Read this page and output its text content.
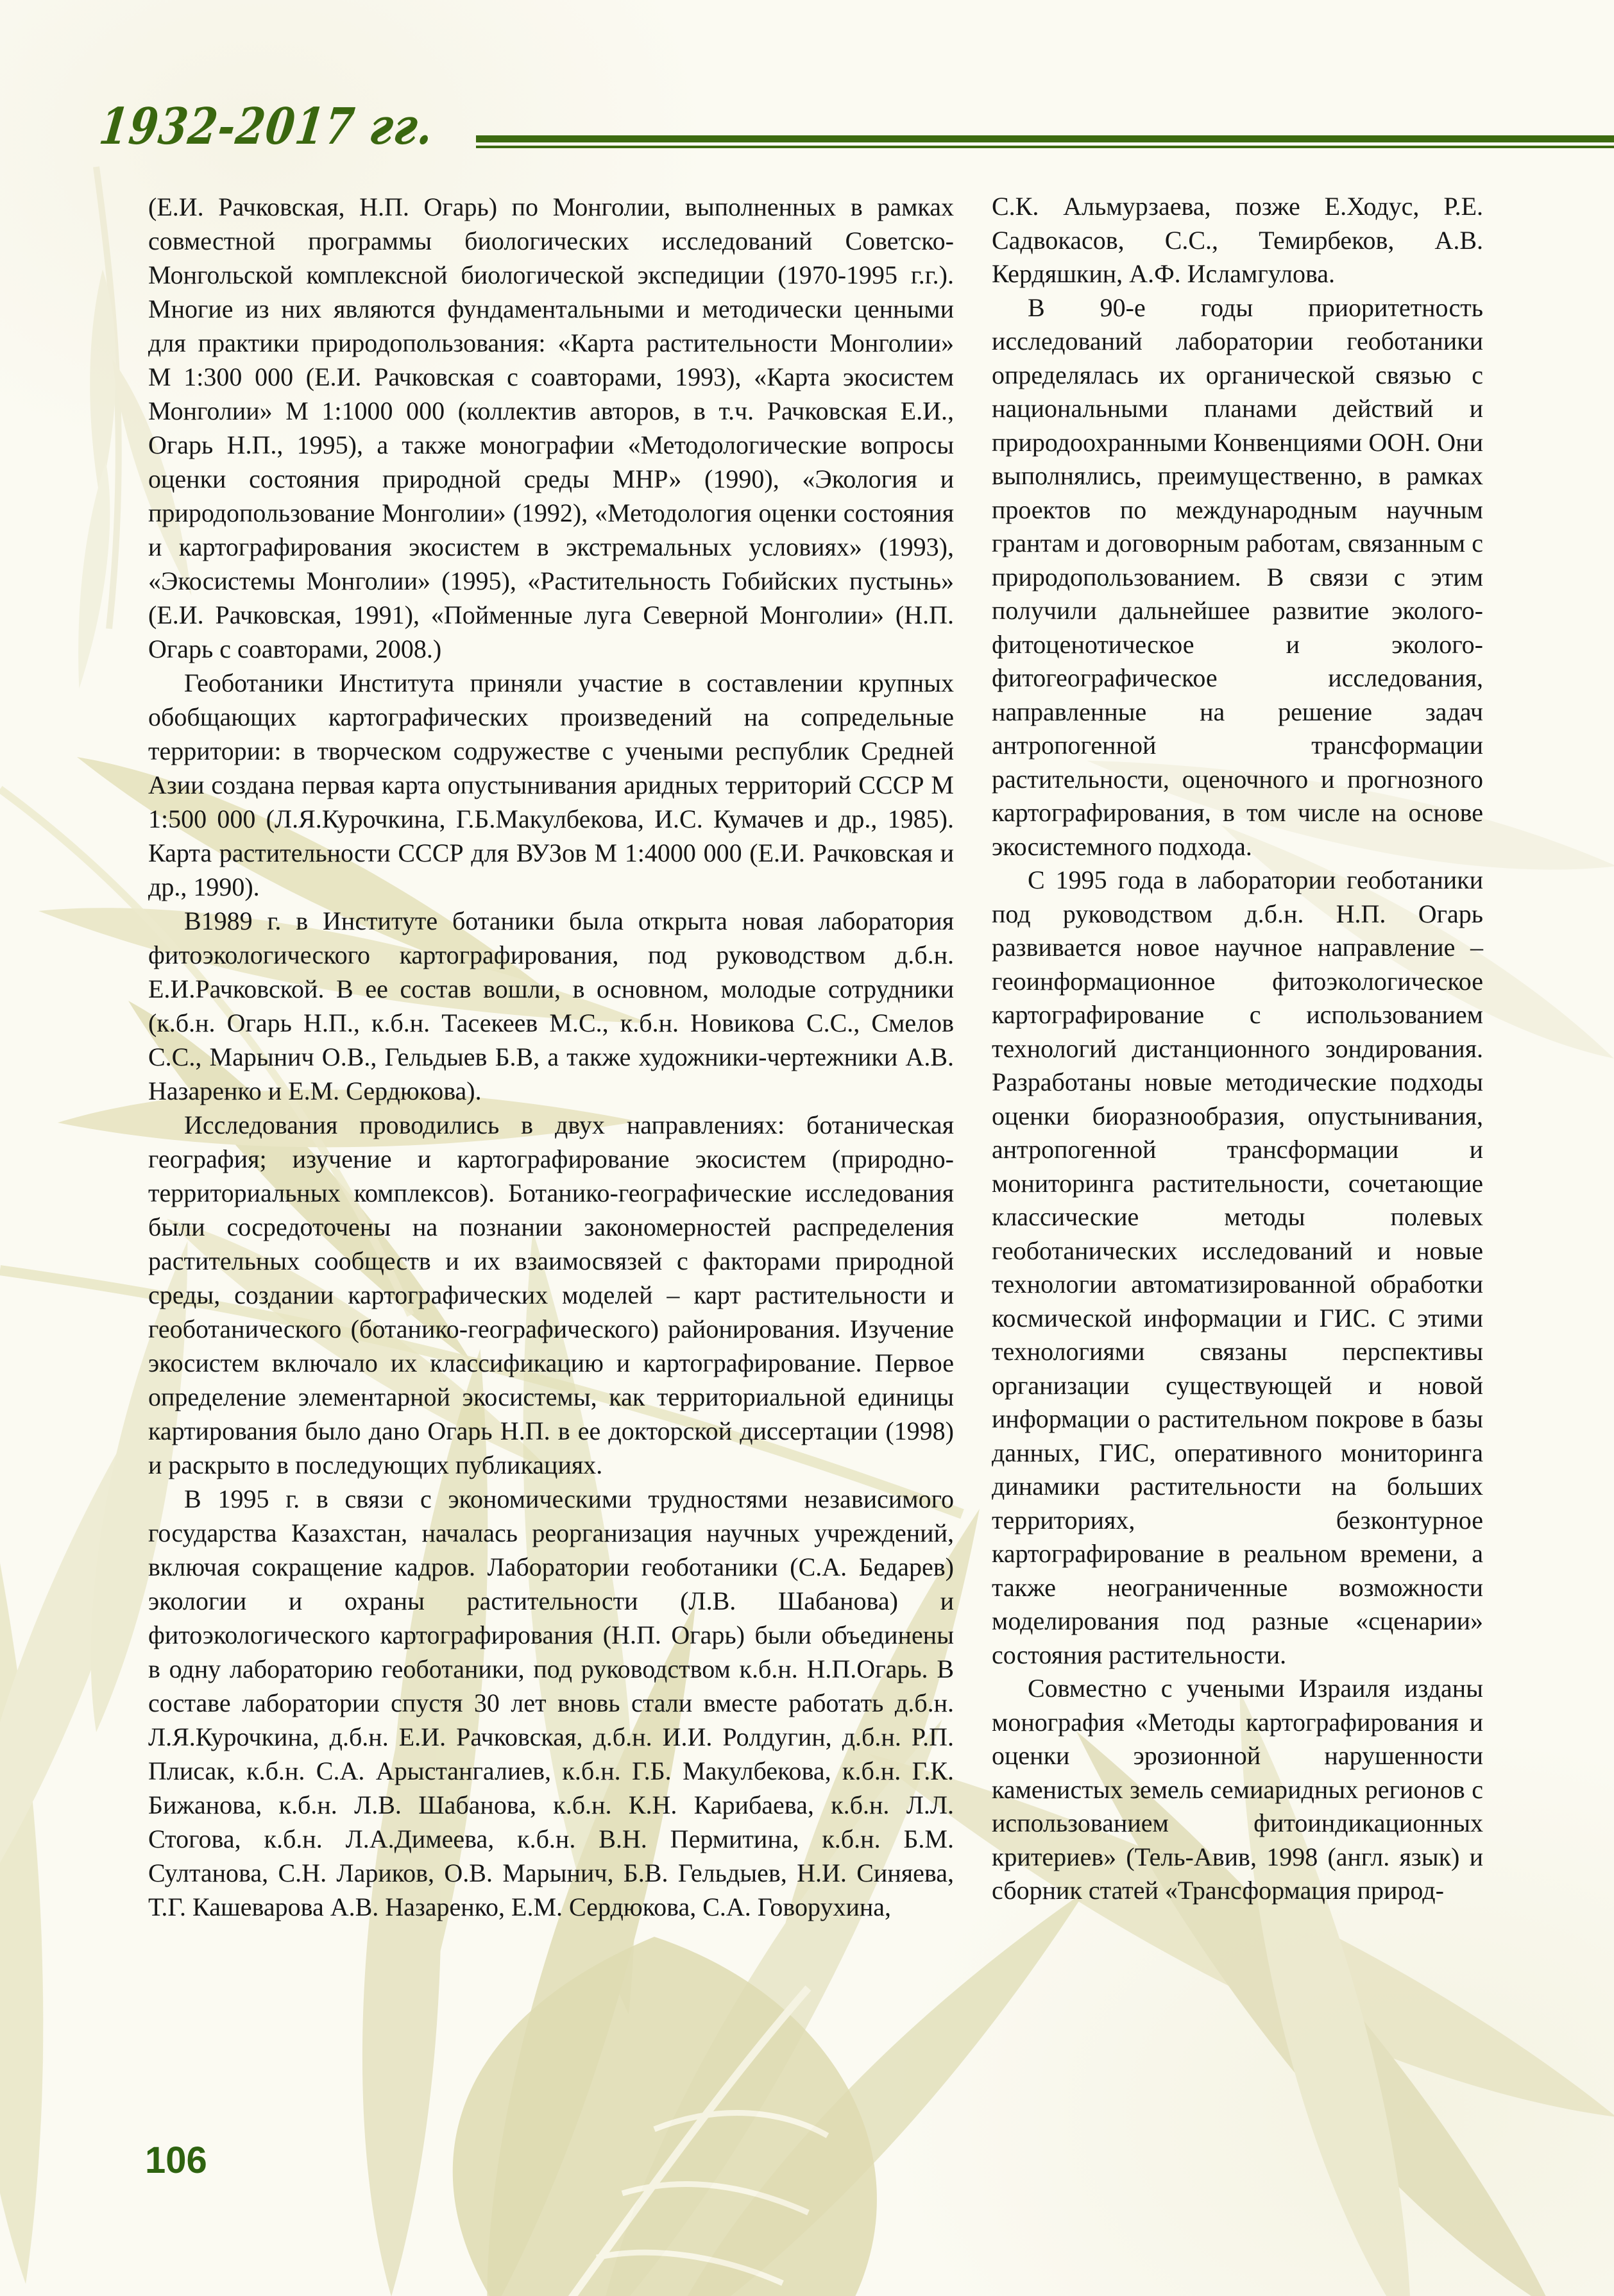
1932-2017 гг.

(Е.И. Рачковская, Н.П. Огарь) по Монголии, выполненных в рамках совместной программы биологических исследований Советско-Монгольской комплексной биологической экспедиции (1970-1995 г.г.). Многие из них являются фундаментальными и методически ценными для практики природопользования: «Карта растительности Монголии» М 1:300 000 (Е.И. Рачковская с соавторами, 1993), «Карта экосистем Монголии» М 1:1000 000 (коллектив авторов, в т.ч. Рачковская Е.И., Огарь Н.П., 1995), а также монографии «Методологические вопросы оценки состояния природной среды МНР» (1990), «Экология и природопользование Монголии» (1992), «Методология оценки состояния и картографирования экосистем в экстремальных условиях» (1993), «Экосистемы Монголии» (1995), «Растительность Гобийских пустынь» (Е.И. Рачковская, 1991), «Пойменные луга Северной Монголии» (Н.П. Огарь с соавторами, 2008.)

Геоботаники Института приняли участие в составлении крупных обобщающих картографических произведений на сопредельные территории: в творческом содружестве с учеными республик Средней Азии создана первая карта опустынивания аридных территорий СССР М 1:500 000 (Л.Я.Курочкина, Г.Б.Макулбекова, И.С. Кумачев и др., 1985). Карта растительности СССР для ВУЗов М 1:4000 000 (Е.И. Рачковская и др., 1990).

В1989 г. в Институте ботаники была открыта новая лаборатория фитоэкологического картографирования, под руководством д.б.н. Е.И.Рачковской. В ее состав вошли, в основном, молодые сотрудники (к.б.н. Огарь Н.П., к.б.н. Тасекеев М.С., к.б.н. Новикова С.С., Смелов С.С., Марынич О.В., Гельдыев Б.В, а также художники-чертежники А.В. Назаренко и Е.М. Сердюкова).

Исследования проводились в двух направлениях: ботаническая география; изучение и картографирование экосистем (природно-территориальных комплексов). Ботанико-географические исследования были сосредоточены на познании закономерностей распределения растительных сообществ и их взаимосвязей с факторами природной среды, создании картографических моделей – карт растительности и геоботанического (ботанико-географического) районирования. Изучение экосистем включало их классификацию и картографирование. Первое определение элементарной экосистемы, как территориальной единицы картирования было дано Огарь Н.П. в ее докторской диссертации (1998) и раскрыто в последующих публикациях.

В 1995 г. в связи с экономическими трудностями независимого государства Казахстан, началась реорганизация научных учреждений, включая сокращение кадров. Лаборатории геоботаники (С.А. Бедарев) экологии и охраны растительности (Л.В. Шабанова) и фитоэкологического картографирования (Н.П. Огарь) были объединены в одну лабораторию геоботаники, под руководством к.б.н. Н.П.Огарь. В составе лаборатории спустя 30 лет вновь стали вместе работать д.б.н. Л.Я.Курочкина, д.б.н. Е.И. Рачковская, д.б.н. И.И. Ролдугин, д.б.н. Р.П. Плисак, к.б.н. С.А. Арыстангалиев, к.б.н. Г.Б. Макулбекова, к.б.н. Г.К. Бижанова, к.б.н. Л.В. Шабанова, к.б.н. К.Н. Карибаева, к.б.н. Л.Л. Стогова, к.б.н. Л.А.Димеева, к.б.н. В.Н. Пермитина, к.б.н. Б.М. Султанова, С.Н. Лариков, О.В. Марынич, Б.В. Гельдыев, Н.И. Синяева, Т.Г. Кашеварова А.В. Назаренко, Е.М. Сердюкова, С.А. Говорухина,

С.К. Альмурзаева, позже Е.Ходус, Р.Е. Садвокасов, С.С., Темирбеков, А.В. Кердяшкин, А.Ф. Исламгулова.

В 90-е годы приоритетность исследований лаборатории геоботаники определялась их органической связью с национальными планами действий и природоохранными Конвенциями ООН. Они выполнялись, преимущественно, в рамках проектов по международным научным грантам и договорным работам, связанным с природопользованием. В связи с этим получили дальнейшее развитие эколого-фитоценотическое и эколого-фитогеографическое исследования, направленные на решение задач антропогенной трансформации растительности, оценочного и прогнозного картографирования, в том числе на основе экосистемного подхода.

С 1995 года в лаборатории геоботаники под руководством д.б.н. Н.П. Огарь развивается новое научное направление – геоинформационное фитоэкологическое картографирование с использованием технологий дистанционного зондирования. Разработаны новые методические подходы оценки биоразнообразия, опустынивания, антропогенной трансформации и мониторинга растительности, сочетающие классические методы полевых геоботанических исследований и новые технологии автоматизированной обработки космической информации и ГИС. С этими технологиями связаны перспективы организации существующей и новой информации о растительном покрове в базы данных, ГИС, оперативного мониторинга динамики растительности на больших территориях, безконтурное картографирование в реальном времени, а также неограниченные возможности моделирования под разные «сценарии» состояния растительности.

Совместно с учеными Израиля изданы монография «Методы картографирования и оценки эрозионной нарушенности каменистых земель семиаридных регионов с использованием фитоиндикационных критериев» (Тель-Авив, 1998 (англ. язык) и сборник статей «Трансформация природ-

106
